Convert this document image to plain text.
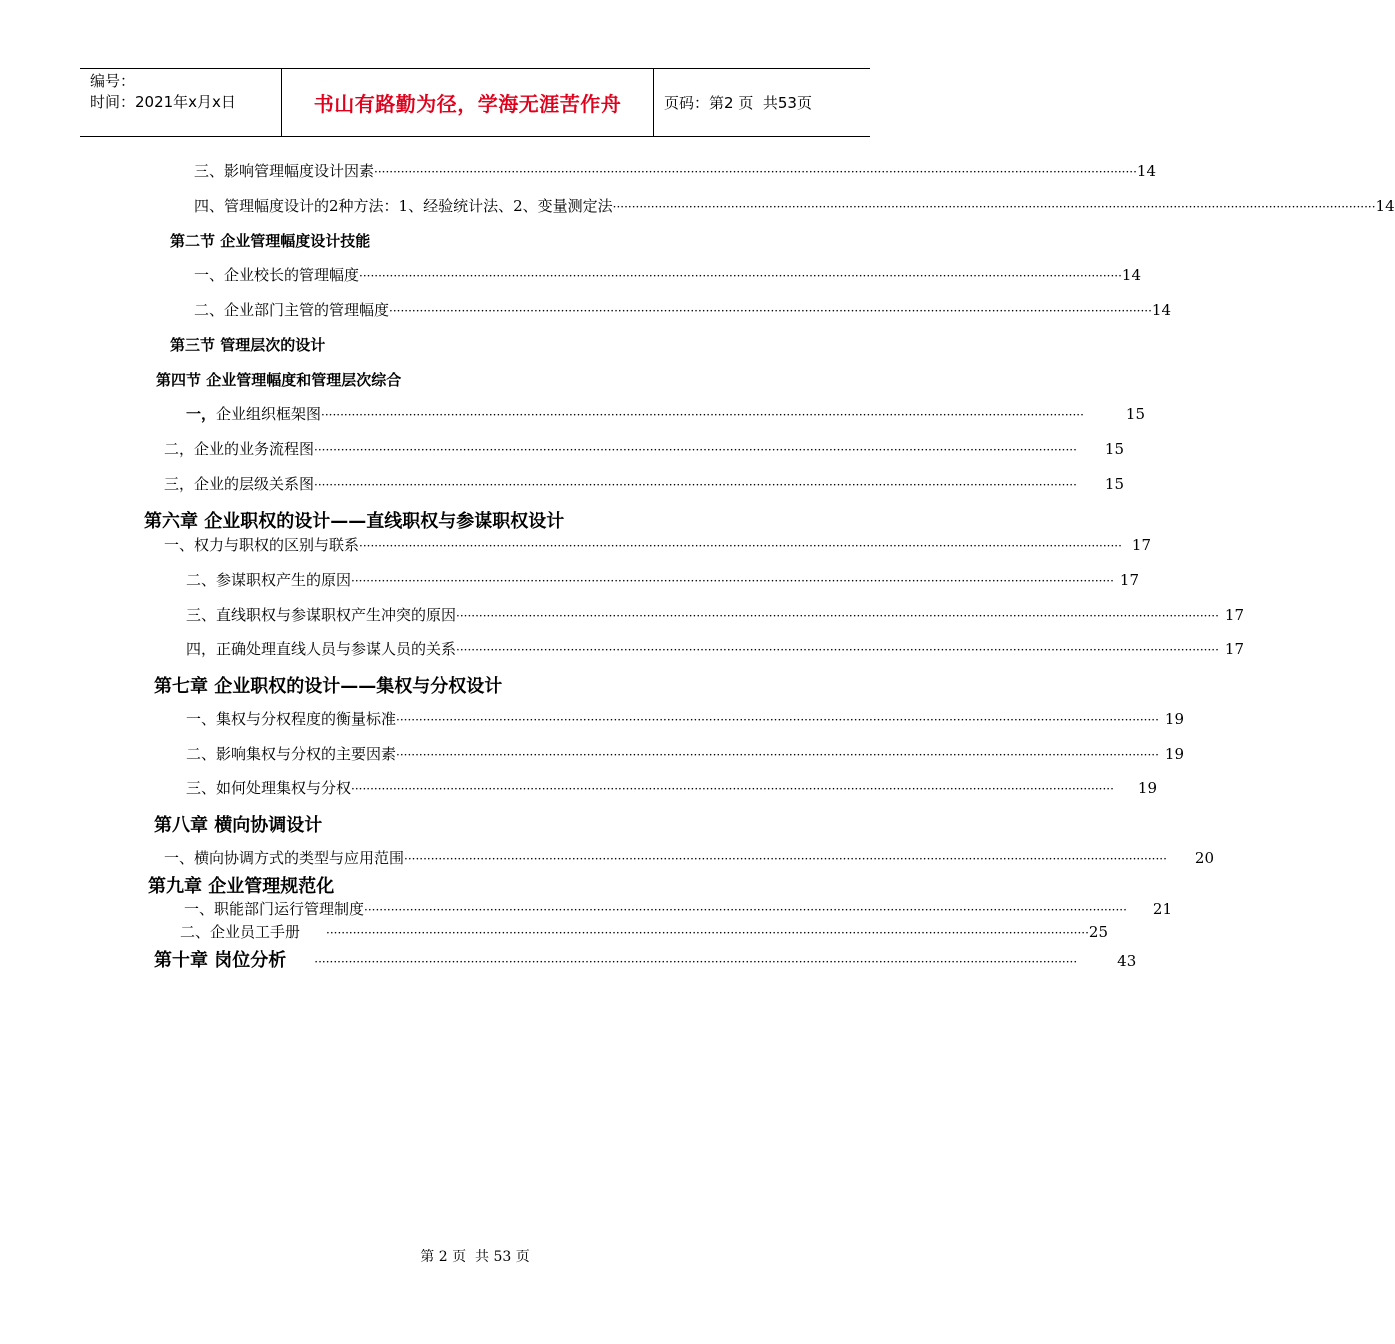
编号：
时间：2021年x月x日	书山有路勤为径，学海无涯苦作舟	页码：第 2
页  共 53 页
三、影响管理幅度设计因素 ········································································································································································································ 14
四、管理幅度设计的2种方法：1、经验统计法、2、变量测定法 ········································································································································································································ 14
第二节 企业管理幅度设计技能
一、企业校长的管理幅度 ········································································································································································································ 14
二、企业部门主管的管理幅度 ········································································································································································································ 14
第三节 管理层次的设计
第四节 企业管理幅度和管理层次综合
一， 企业组织框架图 ········································································································································································································	15
二，企业的业务流程图 ········································································································································································································ 15
三，企业的层级关系图 ········································································································································································································ 15
第六章 企业职权的设计——直线职权与参谋职权设计
一、权力与职权的区别与联系 ········································································································································································································ 17
二、参谋职权产生的原因 ········································································································································································································ 17
三、直线职权与参谋职权产生冲突的原因 ········································································································································································································ 17
四，正确处理直线人员与参谋人员的关系 ········································································································································································································ 17
第七章 企业职权的设计——集权与分权设计
一、集权与分权程度的衡量标准 ········································································································································································································ 19
二、影响集权与分权的主要因素 ········································································································································································································ 19
三、如何处理集权与分权 ········································································································································································································ 19
第八章 横向协调设计
一、横向协调方式的类型与应用范围 ········································································································································································································ 20
第九章 企业管理规范化
一、职能部门运行管理制度 ········································································································································································································ 21
二、企业员工手册 ········································································································································································································ 25
第十章 岗位分析 ········································································································································································································	43
第 2 页  共 53 页
